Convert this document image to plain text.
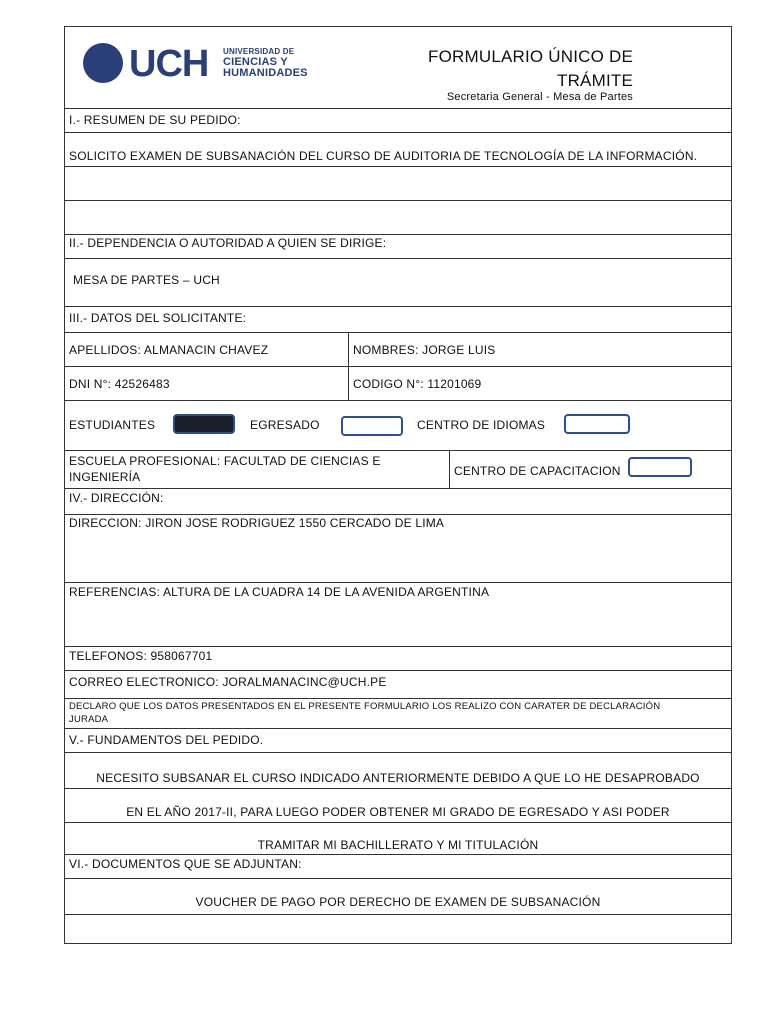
UCH UNIVERSIDAD DE
CIENCIAS Y
HUMANIDADES
FORMULARIO ÚNICO DE
TRÁMITE
Secretaria General - Mesa de Partes
I.- RESUMEN DE SU PEDIDO:
SOLICITO EXAMEN DE SUBSANACIÓN DEL CURSO DE AUDITORIA DE TECNOLOGÍA DE LA INFORMACIÓN.
II.- DEPENDENCIA O AUTORIDAD A QUIEN SE DIRIGE:
MESA DE PARTES – UCH
III.- DATOS DEL SOLICITANTE:
APELLIDOS: ALMANACIN CHAVEZ	NOMBRES: JORGE LUIS
DNI N°: 42526483	CODIGO N°: 11201069
ESTUDIANTES	EGRESADO	CENTRO DE IDIOMAS
ESCUELA PROFESIONAL: FACULTAD DE CIENCIAS E
INGENIERÍA	CENTRO DE CAPACITACION
IV.- DIRECCIÓN:
DIRECCION: JIRON JOSE RODRIGUEZ 1550 CERCADO DE LIMA
REFERENCIAS: ALTURA DE LA CUADRA 14 DE LA AVENIDA ARGENTINA
TELEFONOS: 958067701
CORREO ELECTRONICO: JORALMANACINC@UCH.PE
DECLARO QUE LOS DATOS PRESENTADOS EN EL PRESENTE FORMULARIO LOS REALIZO CON CARATER DE DECLARACIÓN
JURADA
V.- FUNDAMENTOS DEL PEDIDO.
NECESITO SUBSANAR EL CURSO INDICADO ANTERIORMENTE DEBIDO A QUE LO HE DESAPROBADO
EN EL AÑO 2017-II, PARA LUEGO PODER OBTENER MI GRADO DE EGRESADO Y ASI PODER
TRAMITAR MI BACHILLERATO Y MI TITULACIÓN
VI.- DOCUMENTOS QUE SE ADJUNTAN:
VOUCHER DE PAGO POR DERECHO DE EXAMEN DE SUBSANACIÓN
